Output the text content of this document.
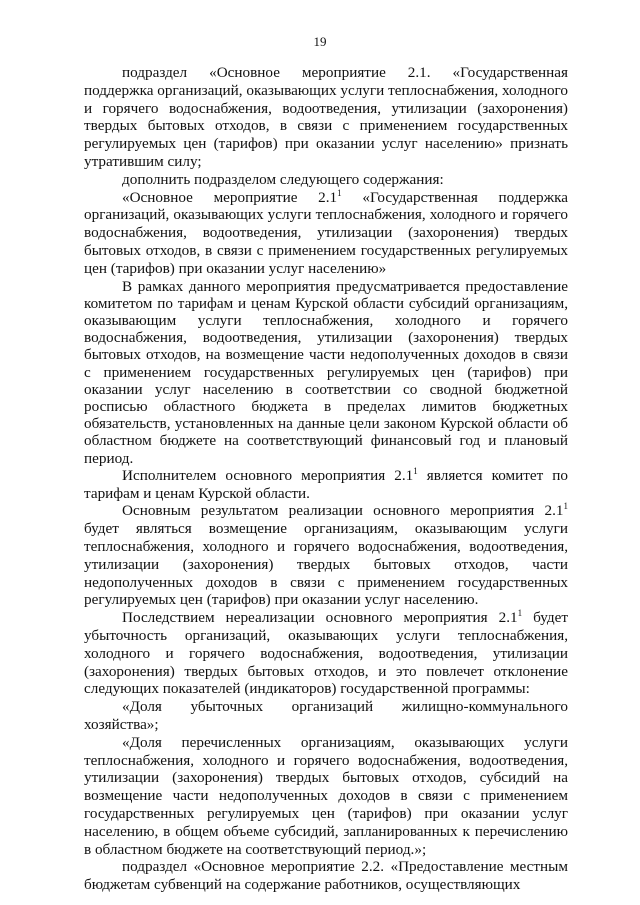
19

подраздел «Основное мероприятие 2.1. «Государственная поддержка организаций, оказывающих услуги теплоснабжения, холодного и горячего водоснабжения, водоотведения, утилизации (захоронения) твердых бытовых отходов, в связи с применением государственных регулируемых цен (тарифов) при оказании услуг населению» признать утратившим силу;

дополнить подразделом следующего содержания:

«Основное мероприятие $2.1^1$ «Государственная поддержка организаций, оказывающих услуги теплоснабжения, холодного и горячего водоснабжения, водоотведения, утилизации (захоронения) твердых бытовых отходов, в связи с применением государственных регулируемых цен (тарифов) при оказании услуг населению»

В рамках данного мероприятия предусматривается предоставление комитетом по тарифам и ценам Курской области субсидий организациям, оказывающим услуги теплоснабжения, холодного и горячего водоснабжения, водоотведения, утилизации (захоронения) твердых бытовых отходов, на возмещение части недополученных доходов в связи с применением государственных регулируемых цен (тарифов) при оказании услуг населению в соответствии со сводной бюджетной росписью областного бюджета в пределах лимитов бюджетных обязательств, установленных на данные цели законом Курской области об областном бюджете на соответствующий финансовый год и плановый период.

Исполнителем основного мероприятия $2.1^1$ является комитет по тарифам и ценам Курской области.

Основным результатом реализации основного мероприятия $2.1^1$ будет являться возмещение организациям, оказывающим услуги теплоснабжения, холодного и горячего водоснабжения, водоотведения, утилизации (захоронения) твердых бытовых отходов, части недополученных доходов в связи с применением государственных регулируемых цен (тарифов) при оказании услуг населению.

Последствием нереализации основного мероприятия $2.1^1$ будет убыточность организаций, оказывающих услуги теплоснабжения, холодного и горячего водоснабжения, водоотведения, утилизации (захоронения) твердых бытовых отходов, и это повлечет отклонение следующих показателей (индикаторов) государственной программы:

«Доля убыточных организаций жилищно-коммунального хозяйства»;

«Доля перечисленных организациям, оказывающих услуги теплоснабжения, холодного и горячего водоснабжения, водоотведения, утилизации (захоронения) твердых бытовых отходов, субсидий на возмещение части недополученных доходов в связи с применением государственных регулируемых цен (тарифов) при оказании услуг населению, в общем объеме субсидий, запланированных к перечислению в областном бюджете на соответствующий период.»;

подраздел «Основное мероприятие 2.2. «Предоставление местным бюджетам субвенций на содержание работников, осуществляющих
